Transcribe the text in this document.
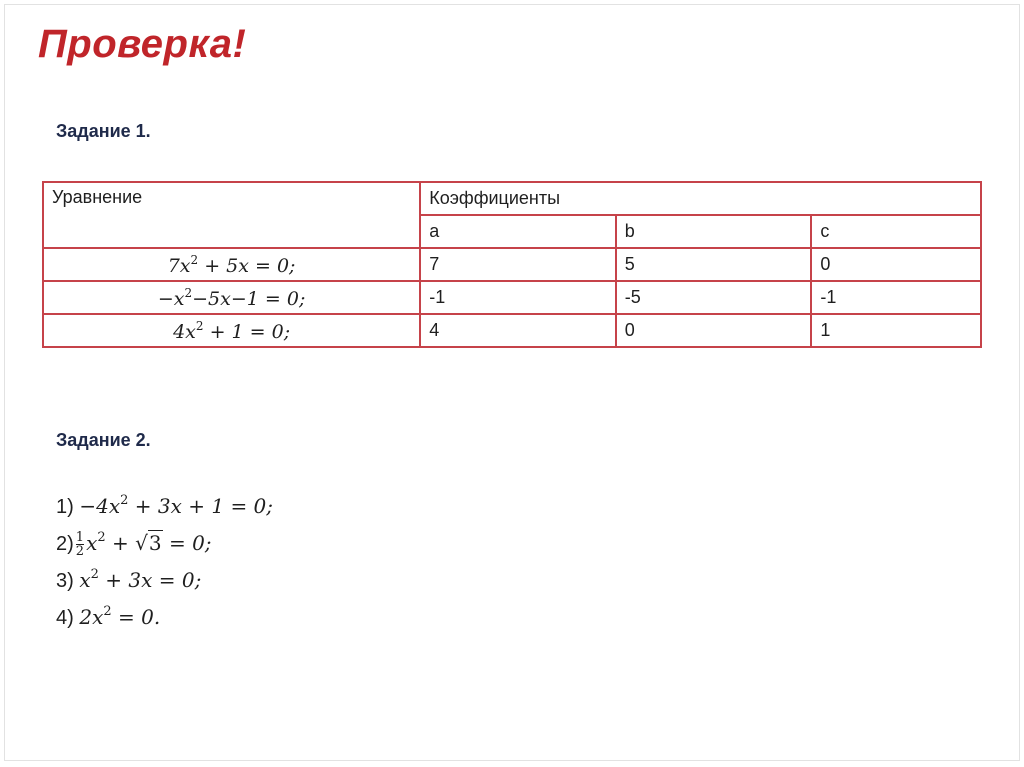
Проверка!
Задание 1.
Уравнение	Коэффициенты		
	a	b	c
$7x^2 + 5x = 0$;	7	5	0
$-x^2-5x-1 = 0$;	-1	-5	-1
$4x^2 + 1 = 0$;	4	0	1
Задание 2.
$1) -4x^2 + 3x + 1 = 0$;
$2) \frac{1}{2} x^2 + √3 = 0$;
3) $x^2 + 3x = 0$;
4) $2x^2 = 0$.
